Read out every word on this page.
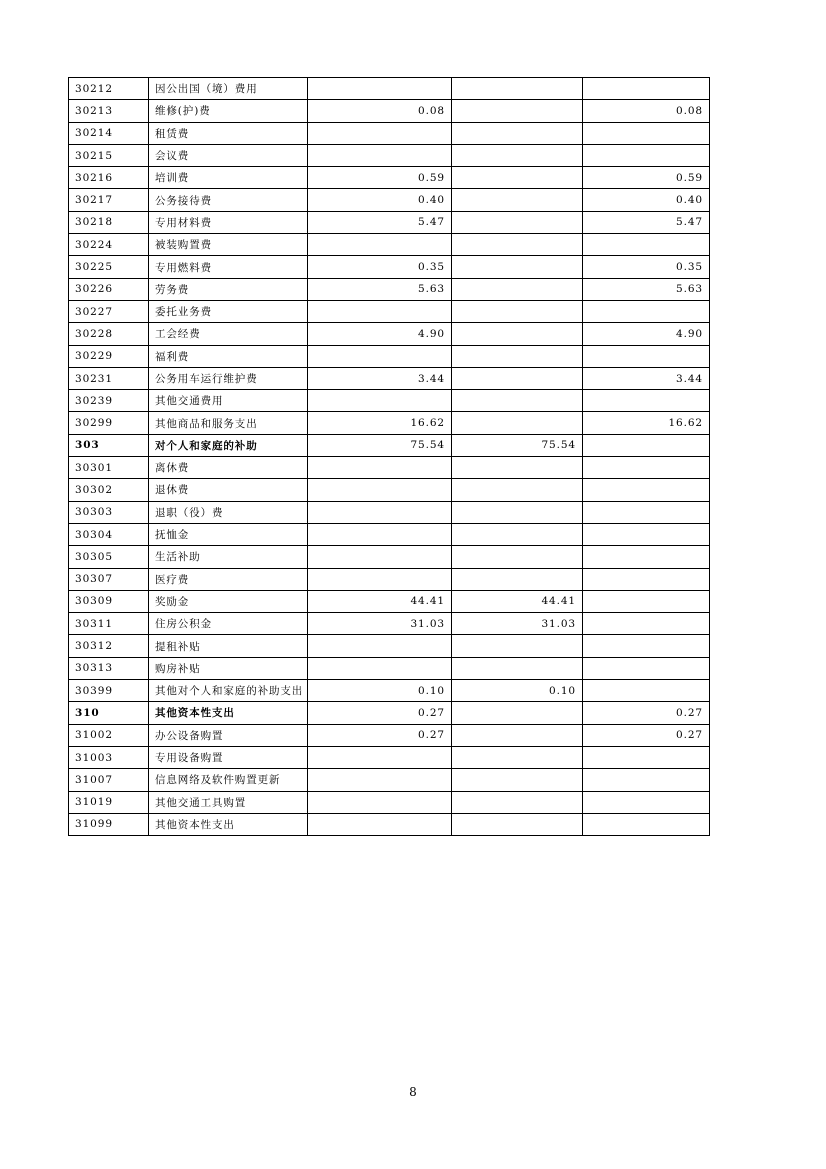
30212	因公出国（境）费用			
30213	维修(护)费	0.08		0.08
30214	租赁费			
30215	会议费			
30216	培训费	0.59		0.59
30217	公务接待费	0.40		0.40
30218	专用材料费	5.47		5.47
30224	被装购置费			
30225	专用燃料费	0.35		0.35
30226	劳务费	5.63		5.63
30227	委托业务费			
30228	工会经费	4.90		4.90
30229	福利费			
30231	公务用车运行维护费	3.44		3.44
30239	其他交通费用			
30299	其他商品和服务支出	16.62		16.62
303	对个人和家庭的补助	75.54	75.54	
30301	离休费			
30302	退休费			
30303	退职（役）费			
30304	抚恤金			
30305	生活补助			
30307	医疗费			
30309	奖励金	44.41	44.41	
30311	住房公积金	31.03	31.03	
30312	提租补贴			
30313	购房补贴			
30399	其他对个人和家庭的补助支出	0.10	0.10	
310	其他资本性支出	0.27		0.27
31002	办公设备购置	0.27		0.27
31003	专用设备购置			
31007	信息网络及软件购置更新			
31019	其他交通工具购置			
31099	其他资本性支出			
8
